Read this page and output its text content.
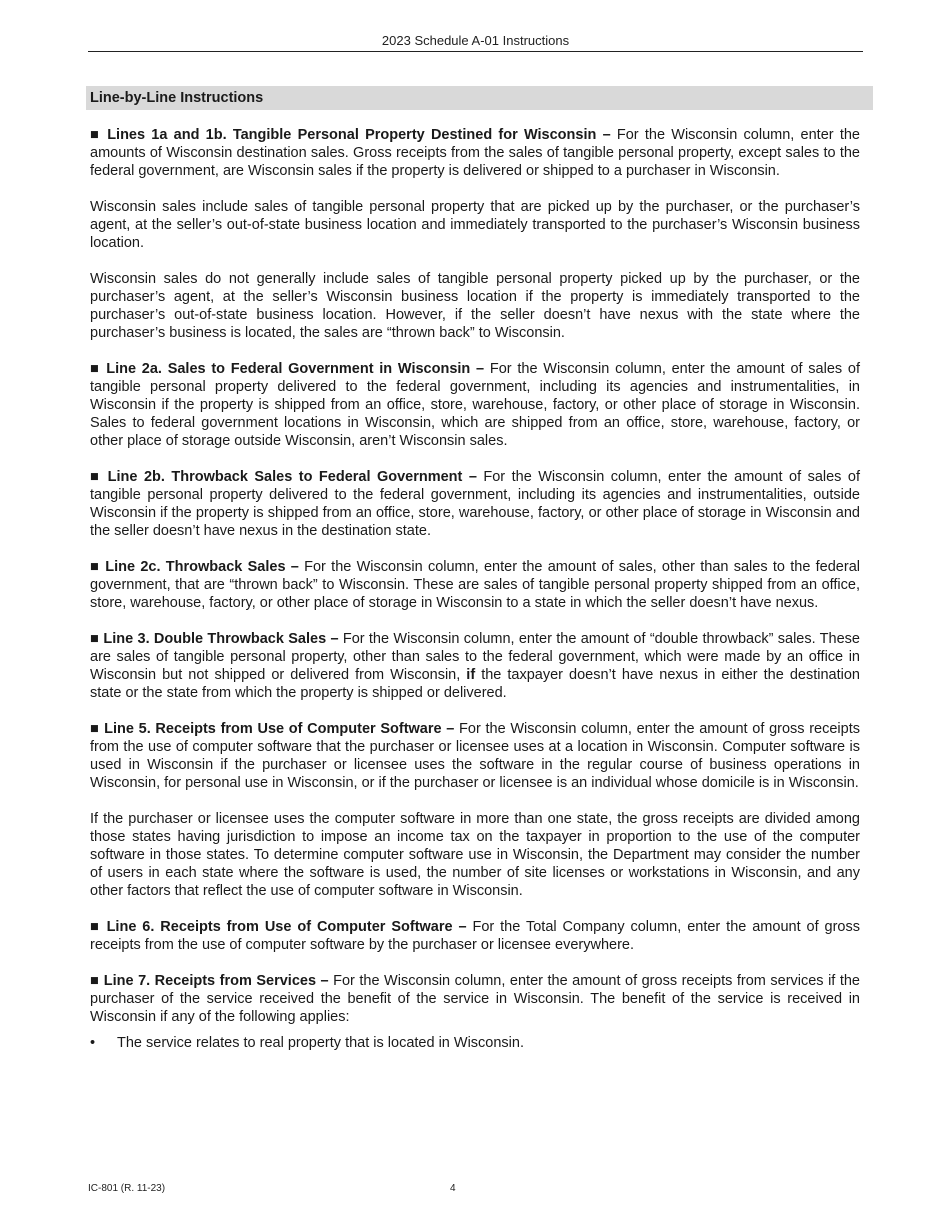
2023 Schedule A-01 Instructions
Line-by-Line Instructions

■ Lines 1a and 1b. Tangible Personal Property Destined for Wisconsin – For the Wisconsin column, enter the amounts of Wisconsin destination sales. Gross receipts from the sales of tangible personal property, except sales to the federal government, are Wisconsin sales if the property is delivered or shipped to a purchaser in Wisconsin.

Wisconsin sales include sales of tangible personal property that are picked up by the purchaser, or the purchaser’s agent, at the seller’s out-of-state business location and immediately transported to the purchaser’s Wisconsin business location.

Wisconsin sales do not generally include sales of tangible personal property picked up by the purchaser, or the purchaser’s agent, at the seller’s Wisconsin business location if the property is immediately transported to the purchaser’s out-of-state business location. However, if the seller doesn’t have nexus with the state where the purchaser’s business is located, the sales are “thrown back” to Wisconsin.

■ Line 2a. Sales to Federal Government in Wisconsin – For the Wisconsin column, enter the amount of sales of tangible personal property delivered to the federal government, including its agencies and instrumentalities, in Wisconsin if the property is shipped from an office, store, warehouse, factory, or other place of storage in Wisconsin. Sales to federal government locations in Wisconsin, which are shipped from an office, store, warehouse, factory, or other place of storage outside Wisconsin, aren’t Wisconsin sales.

■ Line 2b. Throwback Sales to Federal Government – For the Wisconsin column, enter the amount of sales of tangible personal property delivered to the federal government, including its agencies and instrumentalities, outside Wisconsin if the property is shipped from an office, store, warehouse, factory, or other place of storage in Wisconsin and the seller doesn’t have nexus in the destination state.

■ Line 2c. Throwback Sales – For the Wisconsin column, enter the amount of sales, other than sales to the federal government, that are “thrown back” to Wisconsin. These are sales of tangible personal property shipped from an office, store, warehouse, factory, or other place of storage in Wisconsin to a state in which the seller doesn’t have nexus.

■ Line 3. Double Throwback Sales – For the Wisconsin column, enter the amount of “double throwback” sales. These are sales of tangible personal property, other than sales to the federal government, which were made by an office in Wisconsin but not shipped or delivered from Wisconsin, if the taxpayer doesn’t have nexus in either the destination state or the state from which the property is shipped or delivered.

■ Line 5. Receipts from Use of Computer Software – For the Wisconsin column, enter the amount of gross receipts from the use of computer software that the purchaser or licensee uses at a location in Wisconsin. Computer software is used in Wisconsin if the purchaser or licensee uses the software in the regular course of business operations in Wisconsin, for personal use in Wisconsin, or if the purchaser or licensee is an individual whose domicile is in Wisconsin.

If the purchaser or licensee uses the computer software in more than one state, the gross receipts are divided among those states having jurisdiction to impose an income tax on the taxpayer in proportion to the use of the computer software in those states. To determine computer software use in Wisconsin, the Department may consider the number of users in each state where the software is used, the number of site licenses or workstations in Wisconsin, and any other factors that reflect the use of computer software in Wisconsin.

■ Line 6. Receipts from Use of Computer Software – For the Total Company column, enter the amount of gross receipts from the use of computer software by the purchaser or licensee everywhere.

■ Line 7. Receipts from Services – For the Wisconsin column, enter the amount of gross receipts from services if the purchaser of the service received the benefit of the service in Wisconsin. The benefit of the service is received in Wisconsin if any of the following applies:

• The service relates to real property that is located in Wisconsin.
IC-801 (R. 11-23)	4
